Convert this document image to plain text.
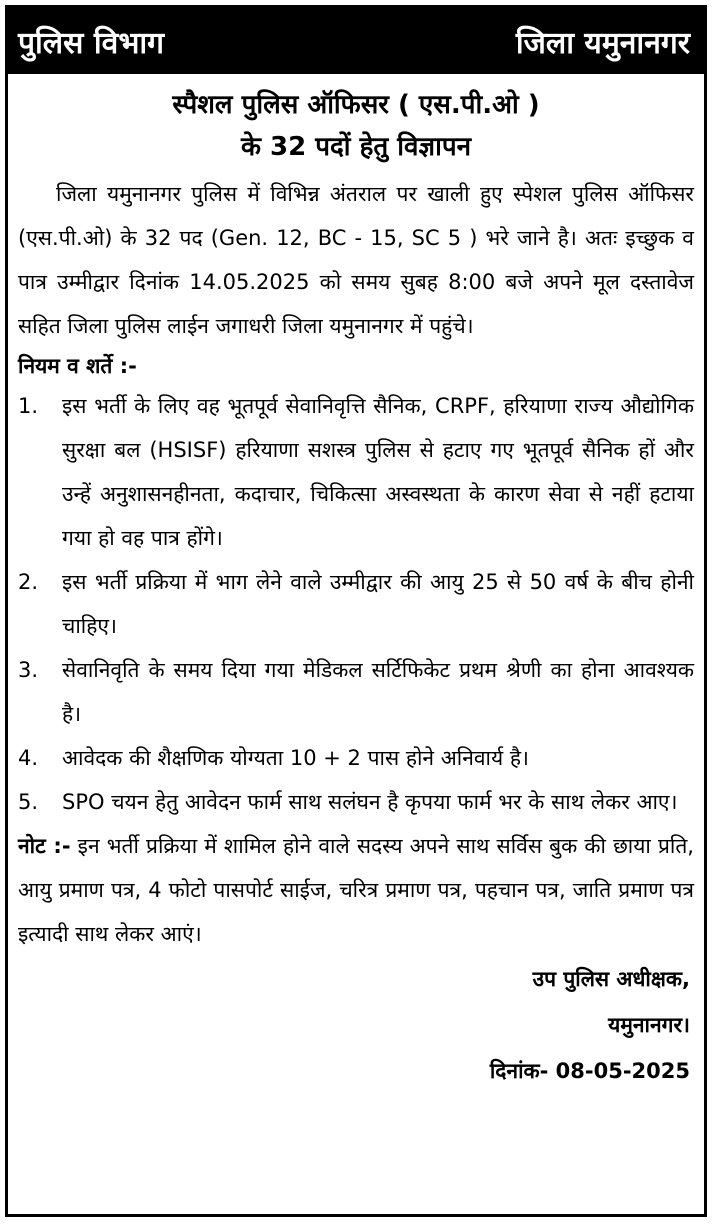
पुलिस विभाग	जिला यमुनानगर
स्पैशल पुलिस ऑफिसर ( एस.पी.ओ )
के 32 पदों हेतु विज्ञापन

जिला यमुनानगर पुलिस में विभिन्न अंतराल पर खाली हुए स्पेशल पुलिस ऑफिसर (एस.पी.ओ) के 32 पद (Gen. 12, BC - 15, SC 5 ) भरे जाने है। अतः इच्छुक व पात्र उम्मीद्वार दिनांक 14.05.2025 को समय सुबह 8:00 बजे अपने मूल दस्तावेज सहित जिला पुलिस लाईन जगाधरी जिला यमुनानगर में पहुंचे।

नियम व शर्ते :-

1.	इस भर्ती के लिए वह भूतपूर्व सेवानिवृत्ति सैनिक, CRPF, हरियाणा राज्य औद्योगिक सुरक्षा बल (HSISF) हरियाणा सशस्त्र पुलिस से हटाए गए भूतपूर्व सैनिक हों और उन्हें अनुशासनहीनता, कदाचार, चिकित्सा अस्वस्थता के कारण सेवा से नहीं हटाया गया हो वह पात्र होंगे।
2.	इस भर्ती प्रक्रिया में भाग लेने वाले उम्मीद्वार की आयु 25 से 50 वर्ष के बीच होनी चाहिए।
3.	सेवानिवृति के समय दिया गया मेडिकल सर्टिफिकेट प्रथम श्रेणी का होना आवश्यक है।
4.	आवेदक की शैक्षणिक योग्यता 10 + 2 पास होने अनिवार्य है।
5.	SPO चयन हेतु आवेदन फार्म साथ सलंघन है कृपया फार्म भर के साथ लेकर आए।

नोट :- इन भर्ती प्रक्रिया में शामिल होने वाले सदस्य अपने साथ सर्विस बुक की छाया प्रति, आयु प्रमाण पत्र, 4 फोटो पासपोर्ट साईज, चरित्र प्रमाण पत्र, पहचान पत्र, जाति प्रमाण पत्र इत्यादी साथ लेकर आएं।

उप पुलिस अधीक्षक,
यमुनानगर।
दिनांक- 08-05-2025
